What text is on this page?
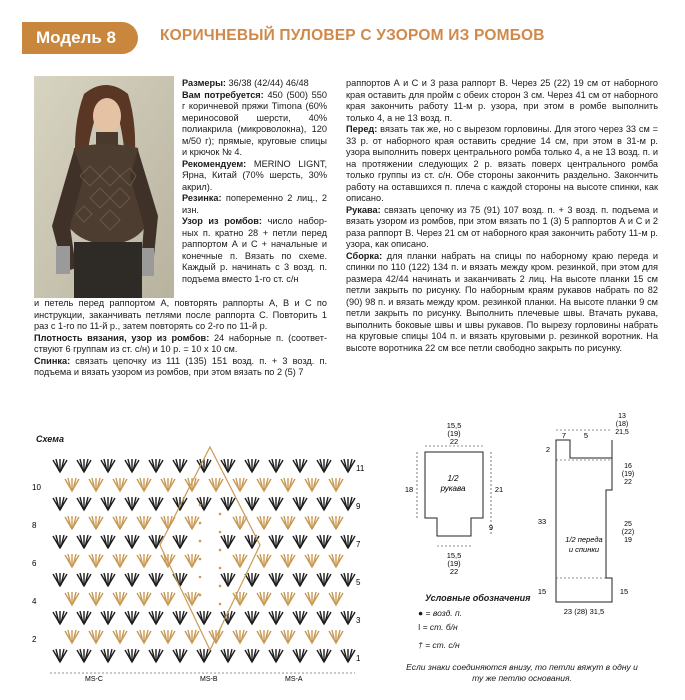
Модель 8	КОРИЧНЕВЫЙ ПУЛОВЕР С УЗОРОМ ИЗ РОМБОВ

Размеры: 36/38 (42/44) 46/48

Вам потребуется: 450 (500) 550 г коричневой пряжи Timona (60% мериносовой шерсти, 40% полиакрила (микроволокна), 120 м/50 г); прямые, круговые спицы и крючок № 4.

Рекомендуем: MERINO LIGNT, Ярна, Китай (70% шерсть, 30% акрил).

Резинка: попеременно 2 лиц., 2 изн.

Узор из ромбов: число наборных п. кратно 28 + петли перед раппортом А и С + начальные и конечные п. Вязать по схеме. Каждый р. начинать с 3 возд. п. подъема вместо 1-го ст. с/н

и петель перед раппортом А, повторять раппорты А, В и С по инструкции, заканчивать петлями после раппорта С. Повторить 1 раз с 1-го по 11-й р., затем повторять со 2-го по 11-й р.

Плотность вязания, узор из ромбов: 24 наборные п. (соответствуют 6 группам из ст. с/н) и 10 р. = 10 х 10 см.

Спинка: связать цепочку из 111 (135) 151 возд. п. + 3 возд. п. подъема и вязать узором из ромбов, при этом вязать по 2 (5) 7

раппортов А и С и 3 раза раппорт В. Через 25 (22) 19 см от наборного края оставить для пройм с обеих сторон 3 см. Через 41 см от наборного края закончить работу 11-м р. узора, при этом в ромбе выполнить только 4, а не 13 возд. п.

Перед: вязать так же, но с вырезом горловины. Для этого через 33 см = 33 р. от наборного края оставить средние 14 см, при этом в 31-м р. узора выполнить поверх центрального ромба только 4, а не 13 возд. п. и на протяжении следующих 2 р. вязать поверх центрального ромба только группы из ст. с/н. Обе стороны закончить раздельно. Закончить работу на оставшихся п. плеча с каждой стороны на высоте спинки, как описано.

Рукава: связать цепочку из 75 (91) 107 возд. п. + 3 возд. п. подъема и вязать узором из ромбов, при этом вязать по 1 (3) 5 раппортов А и С и 2 раза раппорт В. Через 21 см от наборного края закончить работу 11-м р. узора, как описано.

Сборка: для планки набрать на спицы по наборному краю переда и спинки по 110 (122) 134 п. и вязать между кром. резинкой, при этом для размера 42/44 начинать и заканчивать 2 лиц. На высоте планки 15 см петли закрыть по рисунку. По наборным краям рукавов набрать по 82 (90) 98 п. и вязать между кром. резинкой планки. На высоте планки 9 см петли закрыть по рисунку. Выполнить плечевые швы. Втачать рукава, выполнить боковые швы и швы рукавов. По вырезу горловины набрать на круговые спицы 104 п. и вязать круговыми р. резинкой воротник. На высоте воротника 22 см все петли свободно закрыть по рисунку.

Схема
11
9
7
5
3
1
10
8
6
4
2
MS-C	MS-B	MS-A
15,5
(19)
22
1/2
рукава
18	21
9
15,5
(19)
22
7 5
13
(18)
21,5
2
16
(19)
22
33	25
(22)
19
1/2 переда
и спинки
15	15
23 (28) 31,5
Условные обозначения
● = возд. п.
ǀ = ст. б/н
† = ст. с/н
Если знаки соединяются внизу, то петли вяжут в одну и ту же петлю основания.
